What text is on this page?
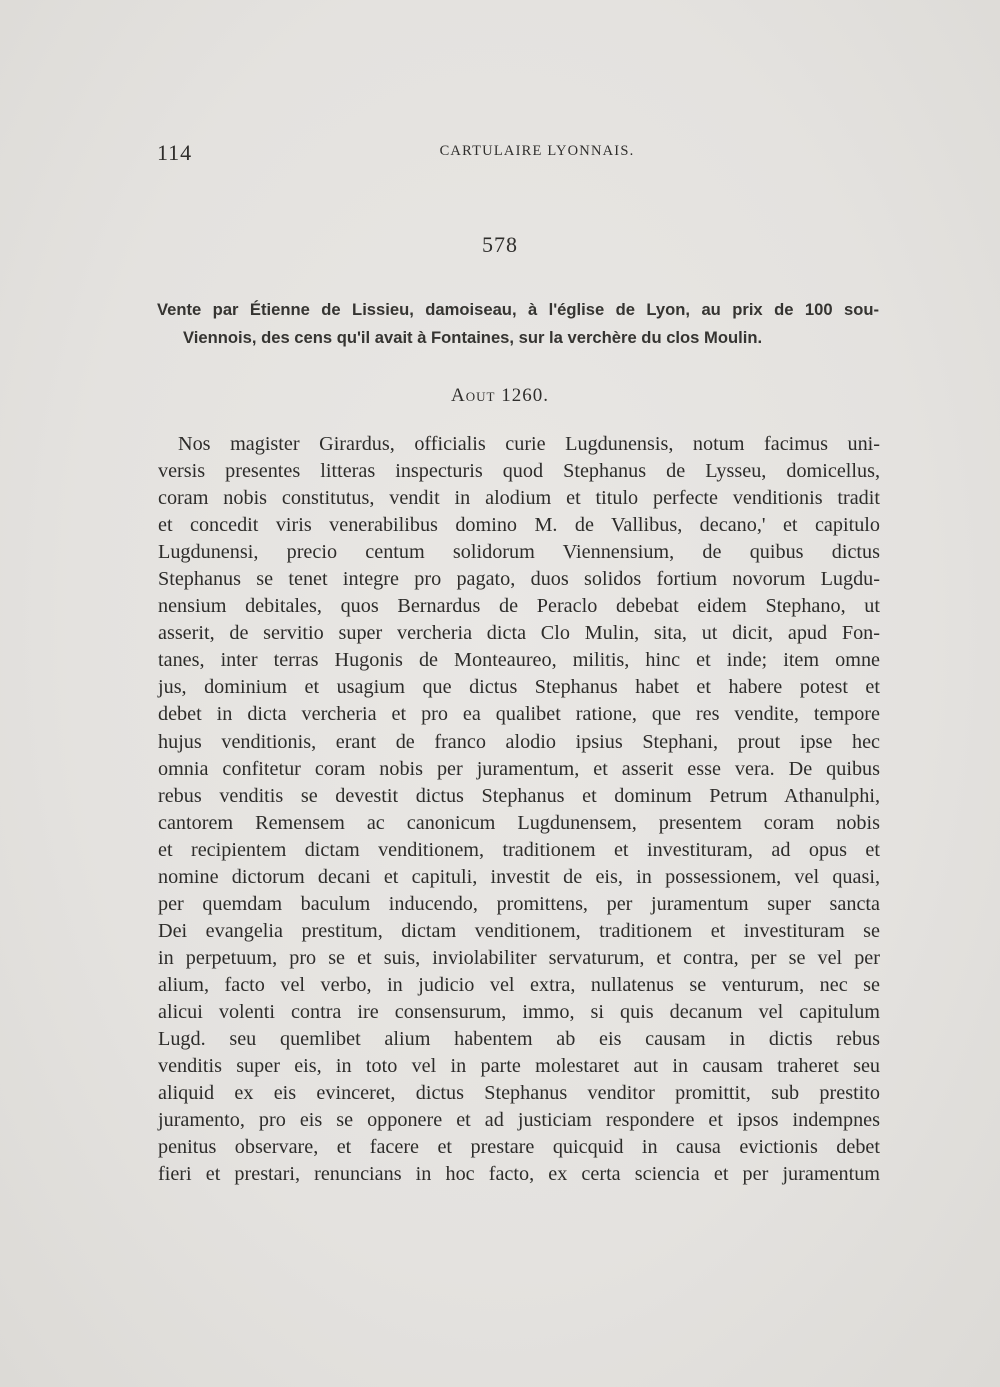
114	CARTULAIRE LYONNAIS.
578
Vente par Étienne de Lissieu, damoiseau, à l'église de Lyon, au prix de 100 sou-
Viennois, des cens qu'il avait à Fontaines, sur la verchère du clos Moulin.
Aout 1260.
Nos magister Girardus, officialis curie Lugdunensis, notum facimus uni-
versis presentes litteras inspecturis quod Stephanus de Lysseu, domicellus,
coram nobis constitutus, vendit in alodium et titulo perfecte venditionis tradit
et concedit viris venerabilibus domino M. de Vallibus, decano,' et capitulo
Lugdunensi, precio centum solidorum Viennensium, de quibus dictus
Stephanus se tenet integre pro pagato, duos solidos fortium novorum Lugdu-
nensium debitales, quos Bernardus de Peraclo debebat eidem Stephano, ut
asserit, de servitio super vercheria dicta Clo Mulin, sita, ut dicit, apud Fon-
tanes, inter terras Hugonis de Monteaureo, militis, hinc et inde; item omne
jus, dominium et usagium que dictus Stephanus habet et habere potest et
debet in dicta vercheria et pro ea qualibet ratione, que res vendite, tempore
hujus venditionis, erant de franco alodio ipsius Stephani, prout ipse hec
omnia confitetur coram nobis per juramentum, et asserit esse vera. De quibus
rebus venditis se devestit dictus Stephanus et dominum Petrum Athanulphi,
cantorem Remensem ac canonicum Lugdunensem, presentem coram nobis
et recipientem dictam venditionem, traditionem et investituram, ad opus et
nomine dictorum decani et capituli, investit de eis, in possessionem, vel quasi,
per quemdam baculum inducendo, promittens, per juramentum super sancta
Dei evangelia prestitum, dictam venditionem, traditionem et investituram se
in perpetuum, pro se et suis, inviolabiliter servaturum, et contra, per se vel per
alium, facto vel verbo, in judicio vel extra, nullatenus se venturum, nec se
alicui volenti contra ire consensurum, immo, si quis decanum vel capitulum
Lugd. seu quemlibet alium habentem ab eis causam in dictis rebus
venditis super eis, in toto vel in parte molestaret aut in causam traheret seu
aliquid ex eis evinceret, dictus Stephanus venditor promittit, sub prestito
juramento, pro eis se opponere et ad justiciam respondere et ipsos indempnes
penitus observare, et facere et prestare quicquid in causa evictionis debet
fieri et prestari, renuncians in hoc facto, ex certa sciencia et per juramentum
